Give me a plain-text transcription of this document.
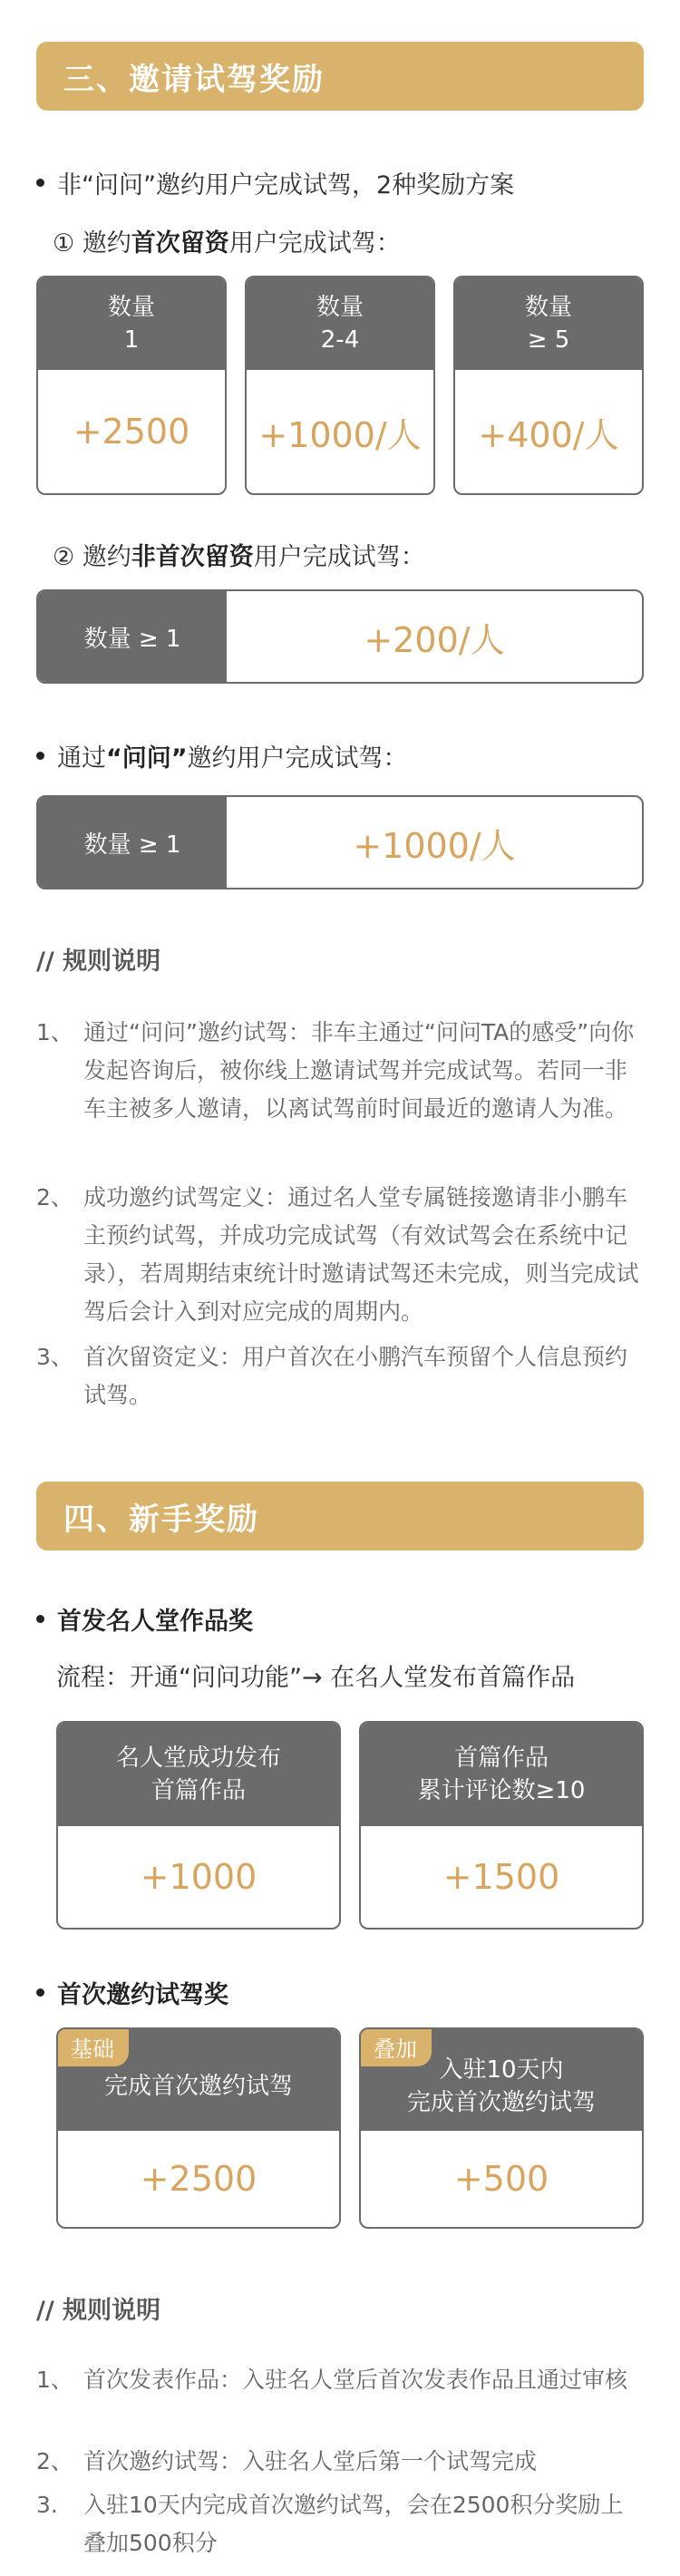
三、邀请试驾奖励
非“问问”邀约用户完成试驾，2种奖励方案
① 邀约首次留资用户完成试驾：
数量
1
+2500
数量
2-4
+1000/人
数量
≥ 5
+400/人
② 邀约非首次留资用户完成试驾：
数量 ≥ 1	+200/人
通过 “问问” 邀约用户完成试驾：
数量 ≥ 1	+1000/人
// 规则说明
1、 通过“问问”邀约试驾：非车主通过“问问TA的感受”向你发起咨询后，被你线上邀请试驾并完成试驾。若同一非车主被多人邀请，以离试驾前时间最近的邀请人为准。
2、 成功邀约试驾定义：通过名人堂专属链接邀请非小鹏车主预约试驾，并成功完成试驾（有效试驾会在系统中记录），若周期结束统计时邀请试驾还未完成，则当完成试驾后会计入到对应完成的周期内。
3、 首次留资定义：用户首次在小鹏汽车预留个人信息预约试驾。
四、新手奖励
首发名人堂作品奖
流程：开通“问问功能”→ 在名人堂发布首篇作品
名人堂成功发布
首篇作品
+1000
首篇作品
累计评论数≥10
+1500
首次邀约试驾奖
完成首次邀约试驾
+2500
基础
入驻10天内
完成首次邀约试驾
+500
叠加
// 规则说明
1、 首次发表作品：入驻名人堂后首次发表作品且通过审核
2、 首次邀约试驾：入驻名人堂后第一个试驾完成
3.	入驻10天内完成首次邀约试驾，会在2500积分奖励上叠加500积分
